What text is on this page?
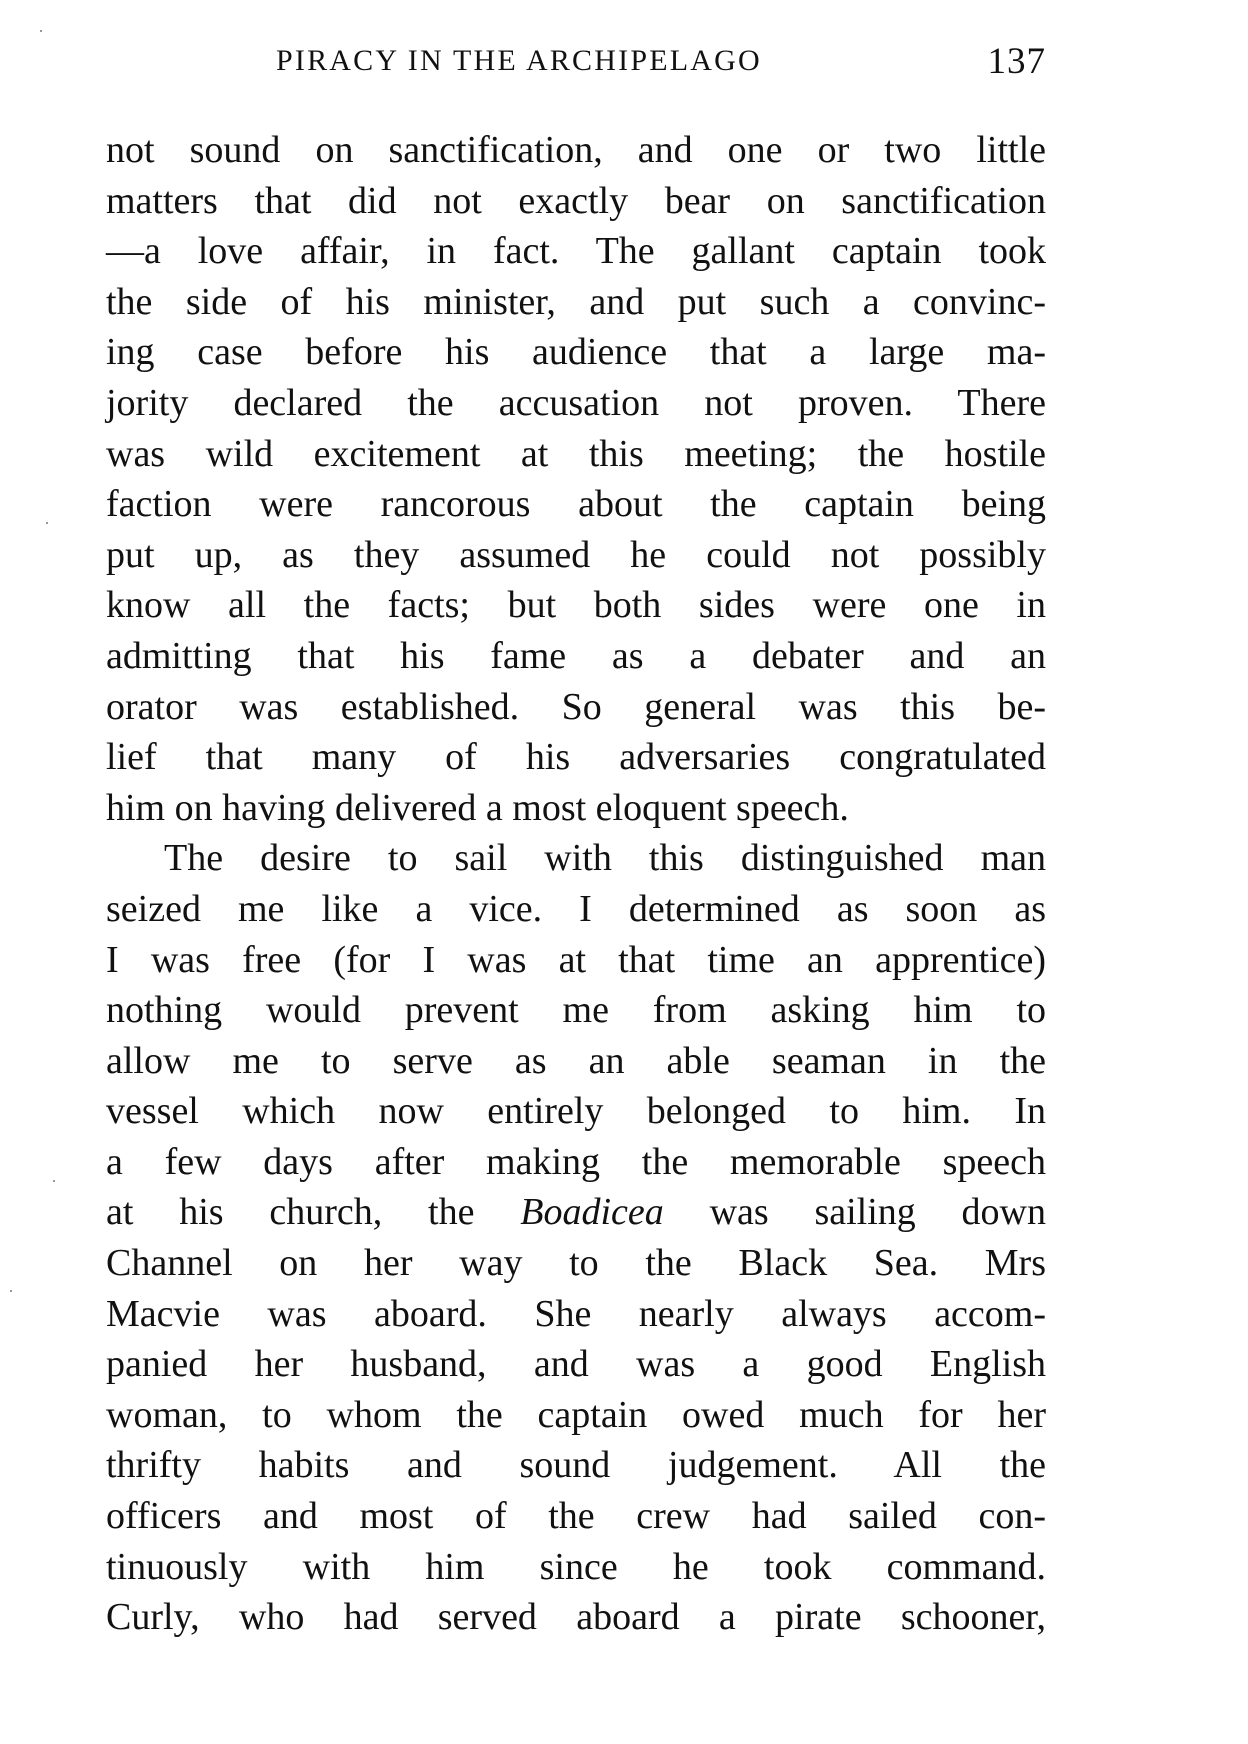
PIRACY IN THE ARCHIPELAGO	137
not sound on sanctification, and one or two little
matters that did not exactly bear on sanctification
—a love affair, in fact. The gallant captain took
the side of his minister, and put such a convinc-
ing case before his audience that a large ma-
jority declared the accusation not proven. There
was wild excitement at this meeting; the hostile
faction were rancorous about the captain being
put up, as they assumed he could not possibly
know all the facts; but both sides were one in
admitting that his fame as a debater and an
orator was established. So general was this be-
lief that many of his adversaries congratulated
him on having delivered a most eloquent speech.
The desire to sail with this distinguished man
seized me like a vice. I determined as soon as
I was free (for I was at that time an apprentice)
nothing would prevent me from asking him to
allow me to serve as an able seaman in the
vessel which now entirely belonged to him. In
a few days after making the memorable speech
at his church, the Boadicea was sailing down
Channel on her way to the Black Sea. Mrs
Macvie was aboard. She nearly always accom-
panied her husband, and was a good English
woman, to whom the captain owed much for her
thrifty habits and sound judgement. All the
officers and most of the crew had sailed con-
tinuously with him since he took command.
Curly, who had served aboard a pirate schooner,
